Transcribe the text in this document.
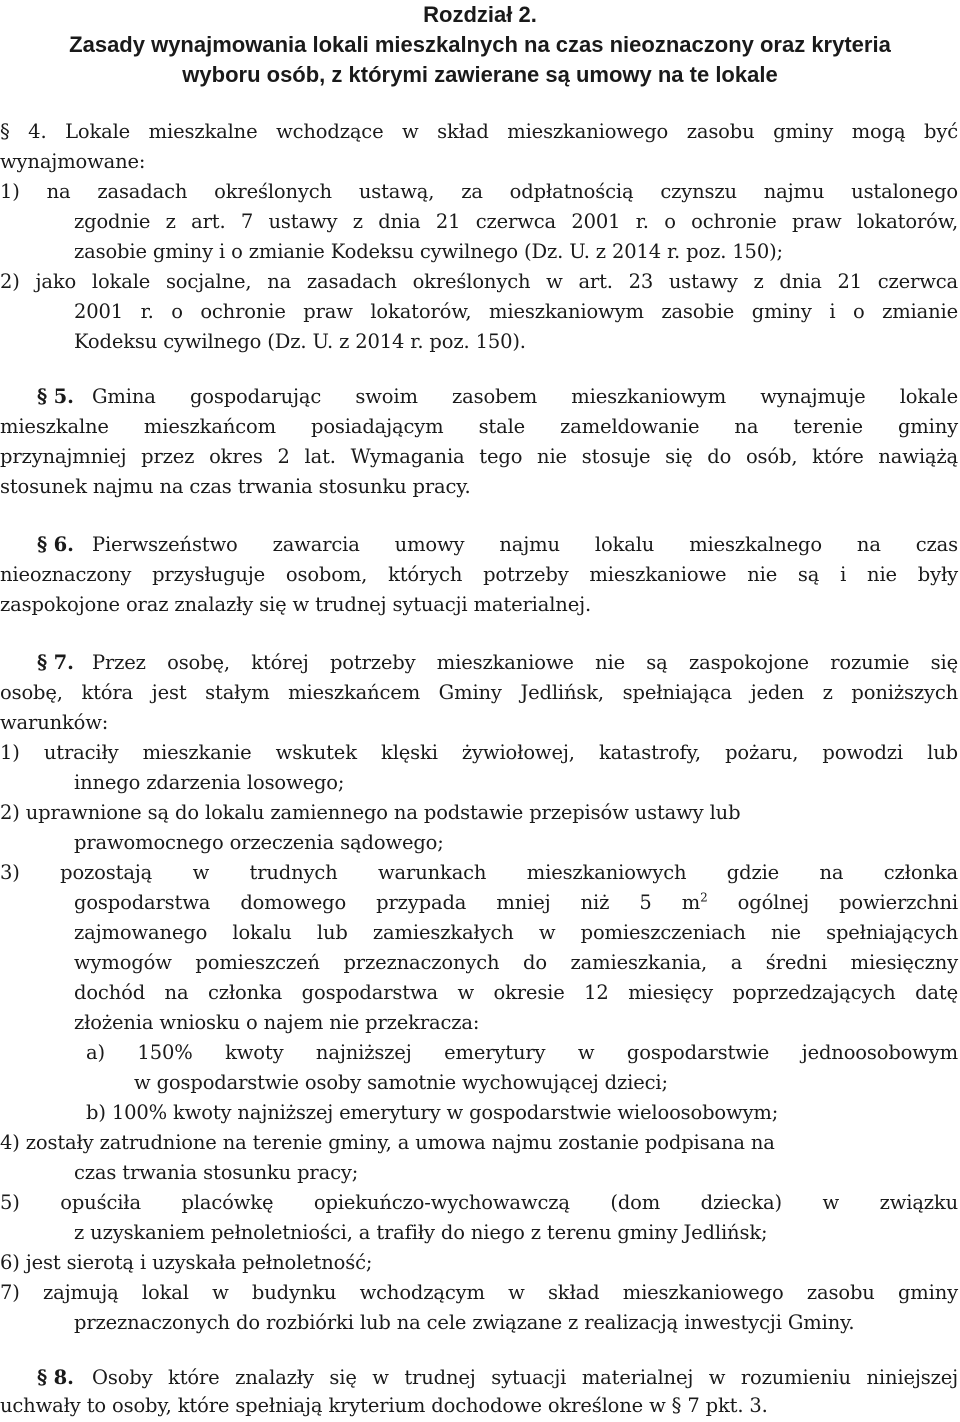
Rozdział 2.
Zasady wynajmowania lokali mieszkalnych na czas nieoznaczony oraz kryteria
wyboru osób, z którymi zawierane są umowy na te lokale
§ 4. Lokale mieszkalne wchodzące w skład mieszkaniowego zasobu gminy mogą być
wynajmowane:
1) na zasadach określonych ustawą, za odpłatnością czynszu najmu ustalonego
zgodnie z art. 7 ustawy z dnia 21 czerwca 2001 r. o ochronie praw lokatorów,
zasobie gminy i o zmianie Kodeksu cywilnego (Dz. U. z 2014 r. poz. 150);
2) jako lokale socjalne, na zasadach określonych w art. 23 ustawy z dnia 21 czerwca
2001 r. o ochronie praw lokatorów, mieszkaniowym zasobie gminy i o zmianie
Kodeksu cywilnego (Dz. U. z 2014 r. poz. 150).
§ 5. Gmina gospodarując swoim zasobem mieszkaniowym wynajmuje lokale
mieszkalne mieszkańcom posiadającym stale zameldowanie na terenie gminy
przynajmniej przez okres 2 lat. Wymagania tego nie stosuje się do osób, które nawiążą
stosunek najmu na czas trwania stosunku pracy.
§ 6. Pierwszeństwo zawarcia umowy najmu lokalu mieszkalnego na czas
nieoznaczony przysługuje osobom, których potrzeby mieszkaniowe nie są i nie były
zaspokojone oraz znalazły się w trudnej sytuacji materialnej.
§ 7. Przez osobę, której potrzeby mieszkaniowe nie są zaspokojone rozumie się
osobę, która jest stałym mieszkańcem Gminy Jedlińsk, spełniająca jeden z poniższych
warunków:
1) utraciły mieszkanie wskutek klęski żywiołowej, katastrofy, pożaru, powodzi lub
innego zdarzenia losowego;
2) uprawnione są do lokalu zamiennego na podstawie przepisów ustawy lub
prawomocnego orzeczenia sądowego;
3) pozostają w trudnych warunkach mieszkaniowych gdzie na członka
gospodarstwa domowego przypada mniej niż 5 $m^2$ ogólnej powierzchni
zajmowanego lokalu lub zamieszkałych w pomieszczeniach nie spełniających
wymogów pomieszczeń przeznaczonych do zamieszkania, a średni miesięczny
dochód na członka gospodarstwa w okresie 12 miesięcy poprzedzających datę
złożenia wniosku o najem nie przekracza:
a) 150% kwoty najniższej emerytury w gospodarstwie jednoosobowym
w gospodarstwie osoby samotnie wychowującej dzieci;
b) 100% kwoty najniższej emerytury w gospodarstwie wieloosobowym;
4) zostały zatrudnione na terenie gminy, a umowa najmu zostanie podpisana na
czas trwania stosunku pracy;
5) opuściła placówkę opiekuńczo-wychowawczą (dom dziecka) w związku
z uzyskaniem pełnoletniości, a trafiły do niego z terenu gminy Jedlińsk;
6) jest sierotą i uzyskała pełnoletność;
7) zajmują lokal w budynku wchodzącym w skład mieszkaniowego zasobu gminy
przeznaczonych do rozbiórki lub na cele związane z realizacją inwestycji Gminy.
§ 8. Osoby które znalazły się w trudnej sytuacji materialnej w rozumieniu niniejszej
uchwały to osoby, które spełniają kryterium dochodowe określone w § 7 pkt. 3.
